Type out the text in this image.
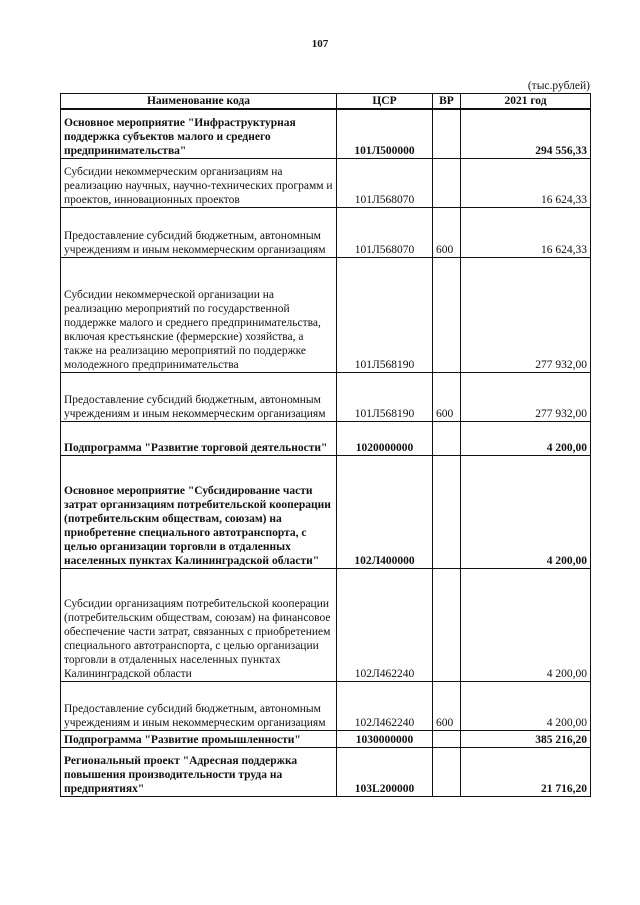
107
(тыс.рублей)
Наименование кода	ЦСР	ВР	2021 год

Основное мероприятие "Инфраструктурная поддержка субъектов малого и среднего предпринимательства"	101Л500000		294 556,33

Субсидии некоммерческим организациям на реализацию научных, научно-технических программ и проектов, инновационных проектов	101Л568070		16 624,33

Предоставление субсидий бюджетным, автономным учреждениям и иным некоммерческим организациям	101Л568070	600	16 624,33

Субсидии некоммерческой организации на реализацию мероприятий по государственной поддержке малого и среднего предпринимательства, включая крестьянские (фермерские) хозяйства, а также на реализацию мероприятий по поддержке молодежного предпринимательства	101Л568190		277 932,00

Предоставление субсидий бюджетным, автономным учреждениям и иным некоммерческим организациям	101Л568190	600	277 932,00

Подпрограмма "Развитие торговой деятельности"	1020000000		4 200,00

Основное мероприятие "Субсидирование части затрат организациям потребительской кооперации (потребительским обществам, союзам) на приобретение специального автотранспорта, с целью организации торговли в отдаленных населенных пунктах Калининградской области"	102Л400000		4 200,00

Субсидии организациям потребительской кооперации (потребительским обществам, союзам) на финансовое обеспечение части затрат, связанных с приобретением специального автотранспорта, с целью организации торговли в отдаленных населенных пунктах Калининградской области	102Л462240		4 200,00

Предоставление субсидий бюджетным, автономным учреждениям и иным некоммерческим организациям	102Л462240	600	4 200,00

Подпрограмма "Развитие промышленности"	1030000000		385 216,20

Региональный проект "Адресная поддержка повышения производительности труда на предприятиях"	103L200000		21 716,20
